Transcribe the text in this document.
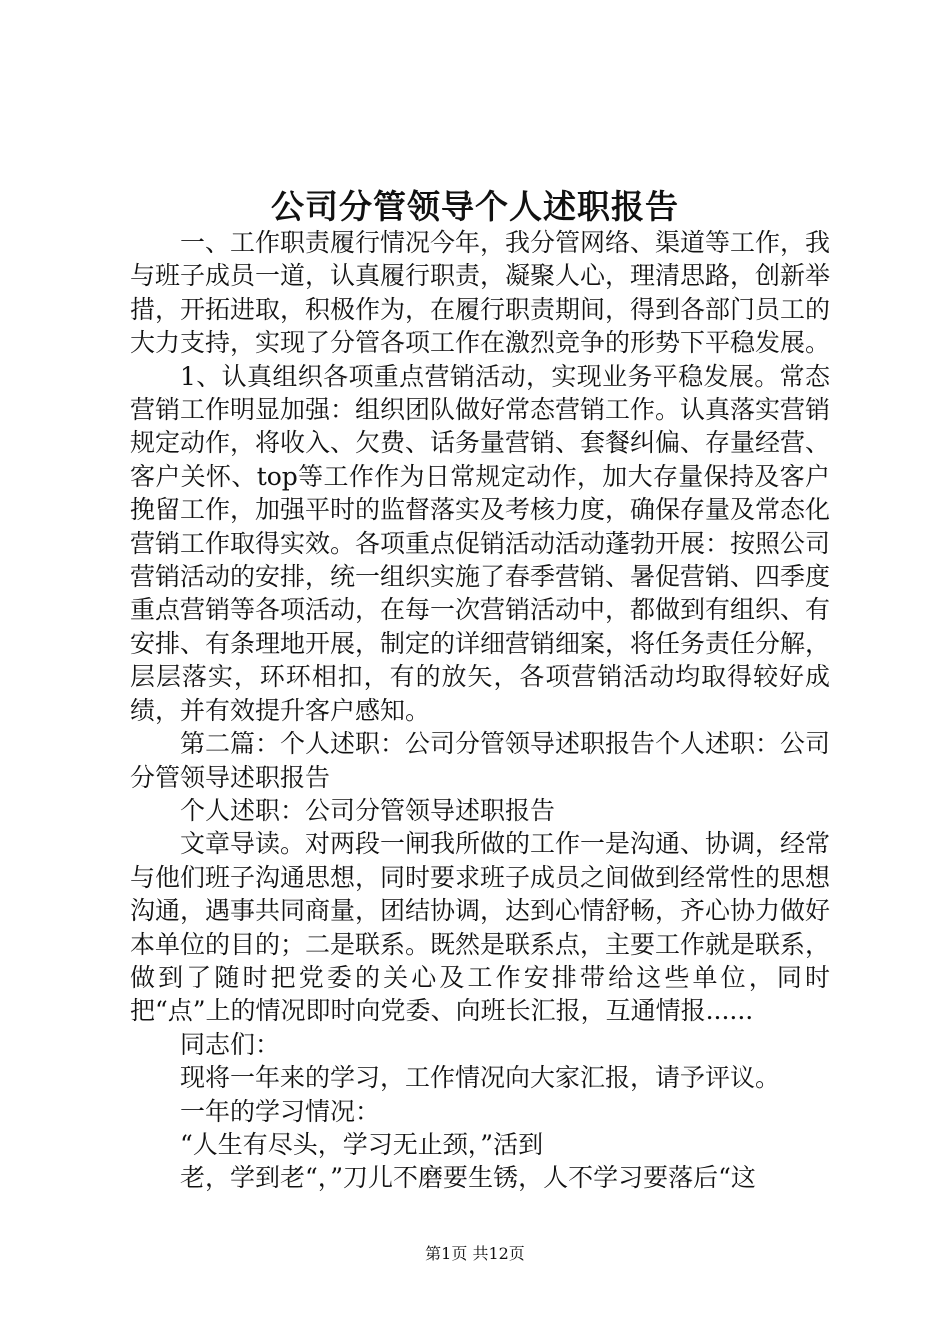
公司分管领导个人述职报告

一、工作职责履行情况今年，我分管网络、渠道等工作，我与班子成员一道，认真履行职责，凝聚人心，理清思路，创新举措，开拓进取，积极作为，在履行职责期间，得到各部门员工的大力支持，实现了分管各项工作在激烈竞争的形势下平稳发展。

1、认真组织各项重点营销活动，实现业务平稳发展。常态营销工作明显加强：组织团队做好常态营销工作。认真落实营销规定动作，将收入、欠费、话务量营销、套餐纠偏、存量经营、客户关怀、top等工作作为日常规定动作，加大存量保持及客户挽留工作，加强平时的监督落实及考核力度，确保存量及常态化营销工作取得实效。各项重点促销活动活动蓬勃开展：按照公司营销活动的安排，统一组织实施了春季营销、暑促营销、四季度重点营销等各项活动，在每一次营销活动中，都做到有组织、有安排、有条理地开展，制定的详细营销细案，将任务责任分解，层层落实，环环相扣，有的放矢，各项营销活动均取得较好成绩，并有效提升客户感知。

第二篇：个人述职：公司分管领导述职报告个人述职：公司分管领导述职报告

个人述职：公司分管领导述职报告

文章导读。对两段一闸我所做的工作一是沟通、协调，经常与他们班子沟通思想，同时要求班子成员之间做到经常性的思想沟通，遇事共同商量，团结协调，达到心情舒畅，齐心协力做好本单位的目的；二是联系。既然是联系点，主要工作就是联系，做到了随时把党委的关心及工作安排带给这些单位，同时把“点”上的情况即时向党委、向班长汇报，互通情报......

同志们：

现将一年来的学习，工作情况向大家汇报，请予评议。

一年的学习情况：

“人生有尽头，学习无止颈，”活到

老，学到老“，”刀儿不磨要生锈，人不学习要落后“这

第1页 共12页
